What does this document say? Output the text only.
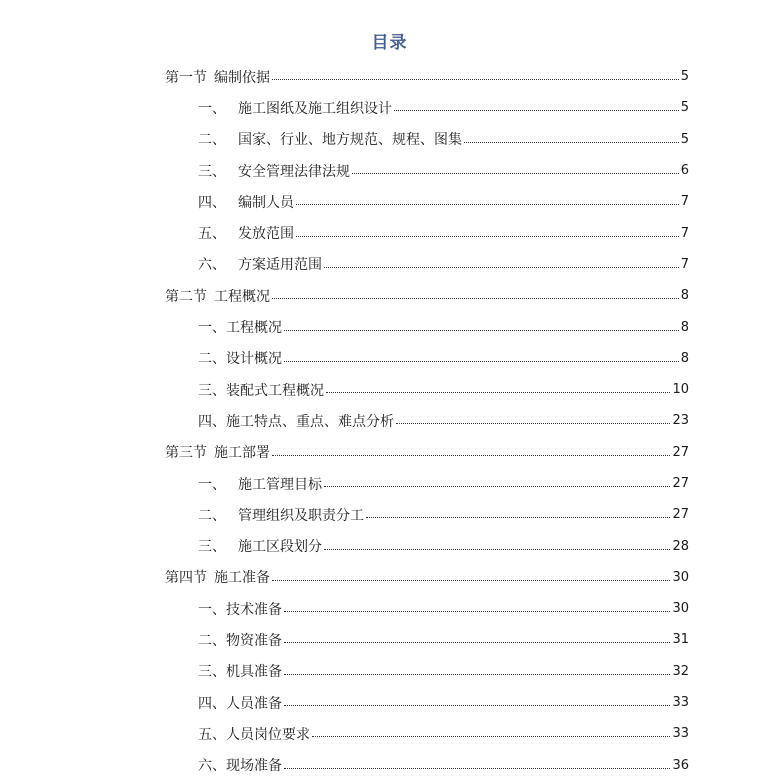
目录
第一节 编制依据	5
一、 施工图纸及施工组织设计	5
二、 国家、行业、地方规范、规程、图集	5
三、 安全管理法律法规	6
四、 编制人员	7
五、 发放范围	7
六、 方案适用范围	7
第二节 工程概况	8
一、工程概况	8
二、设计概况	8
三、装配式工程概况	10
四、施工特点、重点、难点分析	23
第三节 施工部署	27
一、 施工管理目标	27
二、 管理组织及职责分工	27
三、 施工区段划分	28
第四节 施工准备	30
一、技术准备	30
二、物资准备	31
三、机具准备	32
四、人员准备	33
五、人员岗位要求	33
六、现场准备	36
